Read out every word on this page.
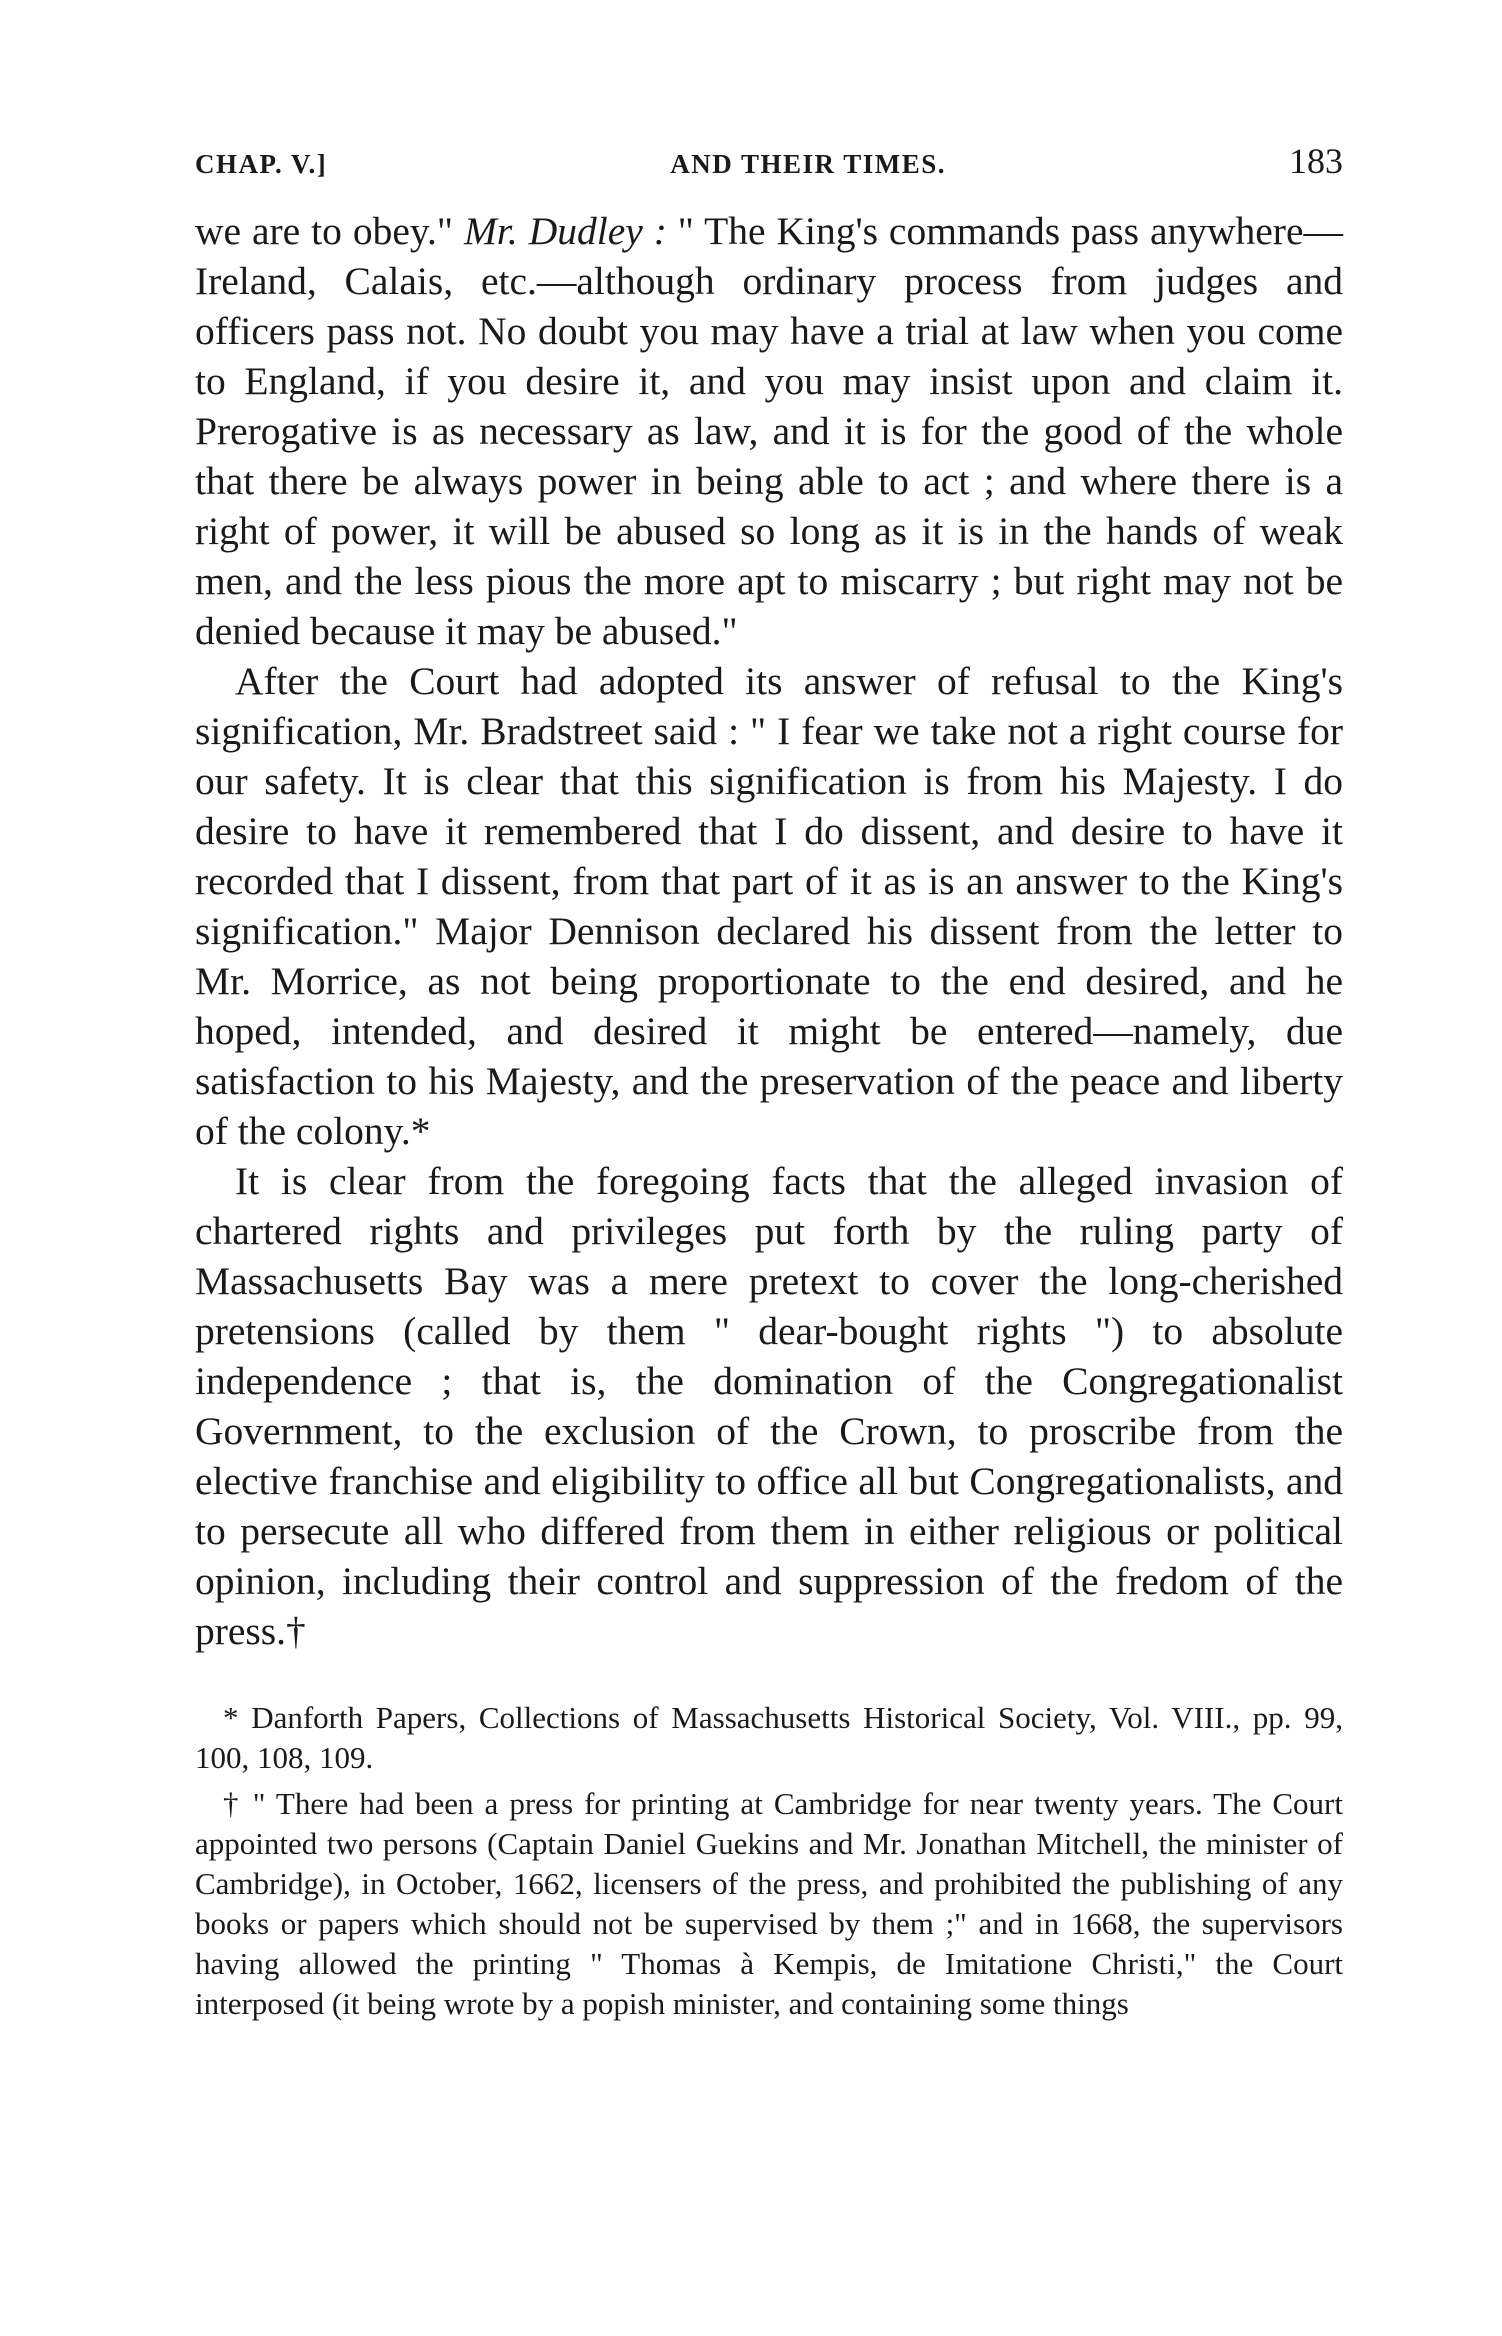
CHAP. V.]	AND THEIR TIMES.	183

we are to obey." Mr. Dudley : " The King's commands pass anywhere—Ireland, Calais, etc.—although ordinary process from judges and officers pass not. No doubt you may have a trial at law when you come to England, if you desire it, and you may insist upon and claim it. Prerogative is as necessary as law, and it is for the good of the whole that there be always power in being able to act ; and where there is a right of power, it will be abused so long as it is in the hands of weak men, and the less pious the more apt to miscarry ; but right may not be denied because it may be abused."

After the Court had adopted its answer of refusal to the King's signification, Mr. Bradstreet said : " I fear we take not a right course for our safety. It is clear that this signification is from his Majesty. I do desire to have it remembered that I do dissent, and desire to have it recorded that I dissent, from that part of it as is an answer to the King's signification." Major Dennison declared his dissent from the letter to Mr. Morrice, as not being proportionate to the end desired, and he hoped, intended, and desired it might be entered—namely, due satisfaction to his Majesty, and the preservation of the peace and liberty of the colony.*

It is clear from the foregoing facts that the alleged invasion of chartered rights and privileges put forth by the ruling party of Massachusetts Bay was a mere pretext to cover the long-cherished pretensions (called by them " dear-bought rights ") to absolute independence ; that is, the domination of the Congregationalist Government, to the exclusion of the Crown, to proscribe from the elective franchise and eligibility to office all but Congregationalists, and to persecute all who differed from them in either religious or political opinion, including their control and suppression of the fredom of the press.†

* Danforth Papers, Collections of Massachusetts Historical Society, Vol. VIII., pp. 99, 100, 108, 109.

† " There had been a press for printing at Cambridge for near twenty years. The Court appointed two persons (Captain Daniel Guekins and Mr. Jonathan Mitchell, the minister of Cambridge), in October, 1662, licensers of the press, and prohibited the publishing of any books or papers which should not be supervised by them ;" and in 1668, the supervisors having allowed the printing " Thomas à Kempis, de Imitatione Christi," the Court interposed (it being wrote by a popish minister, and containing some things
